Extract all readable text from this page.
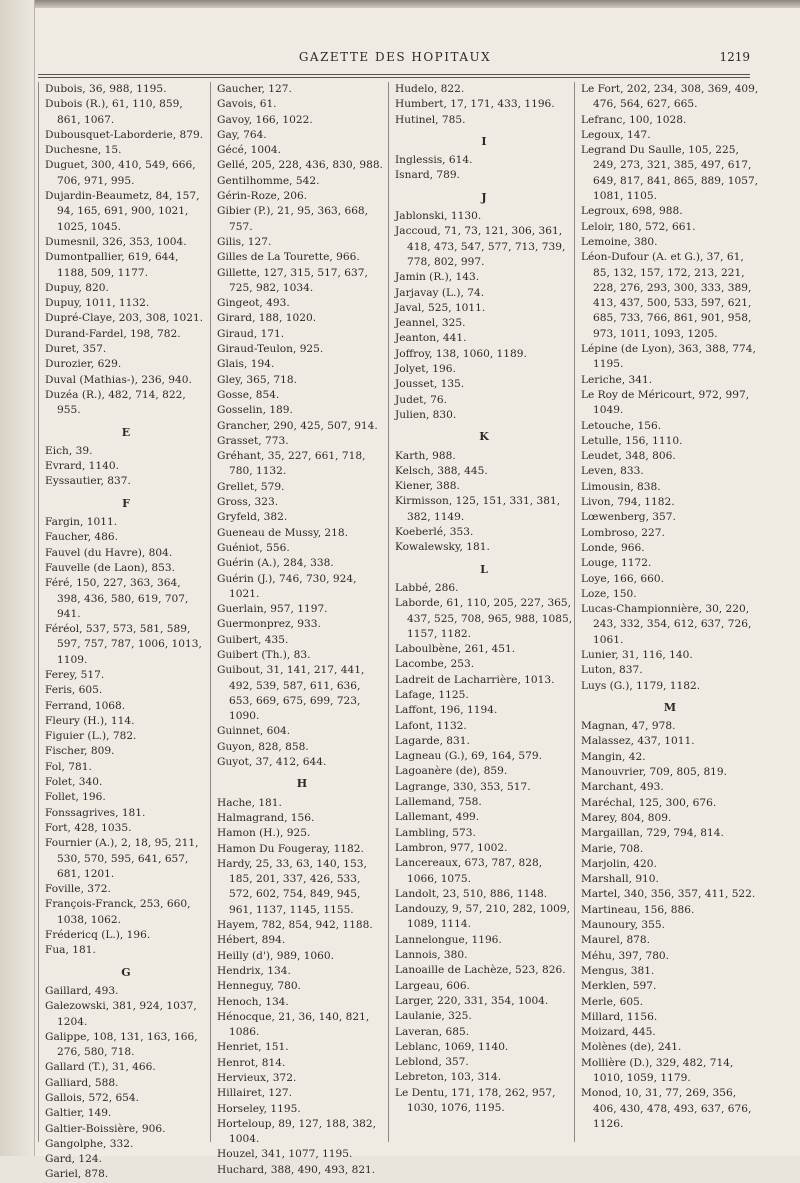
GAZETTE DES HOPITAUX	1219
Dubois, 36, 988, 1195.
Dubois (R.), 61, 110, 859, 861, 1067.
Dubousquet-Laborderie, 879.
Duchesne, 15.
Duguet, 300, 410, 549, 666, 706, 971, 995.
Dujardin-Beaumetz, 84, 157, 94, 165, 691, 900, 1021, 1025, 1045.
Dumesnil, 326, 353, 1004.
Dumontpallier, 619, 644, 1188, 509, 1177.
Dupuy, 820.
Dupuy, 1011, 1132.
Dupré-Claye, 203, 308, 1021.
Durand-Fardel, 198, 782.
Duret, 357.
Durozier, 629.
Duval (Mathias-), 236, 940.
Duzéa (R.), 482, 714, 822, 955.
E
Eich, 39.
Evrard, 1140.
Eyssautier, 837.
F
Fargin, 1011.
Faucher, 486.
Fauvel (du Havre), 804.
Fauvelle (de Laon), 853.
Féré, 150, 227, 363, 364, 398, 436, 580, 619, 707, 941.
Féréol, 537, 573, 581, 589, 597, 757, 787, 1006, 1013, 1109.
Ferey, 517.
Feris, 605.
Ferrand, 1068.
Fleury (H.), 114.
Figuier (L.), 782.
Fischer, 809.
Fol, 781.
Folet, 340.
Follet, 196.
Fonssagrives, 181.
Fort, 428, 1035.
Fournier (A.), 2, 18, 95, 211, 530, 570, 595, 641, 657, 681, 1201.
Foville, 372.
François-Franck, 253, 660, 1038, 1062.
Frédericq (L.), 196.
Fua, 181.
G
Gaillard, 493.
Galezowski, 381, 924, 1037, 1204.
Galippe, 108, 131, 163, 166, 276, 580, 718.
Gallard (T.), 31, 466.
Galliard, 588.
Gallois, 572, 654.
Galtier, 149.
Galtier-Boissière, 906.
Gangolphe, 332.
Gard, 124.
Gariel, 878.
Gaucher, 127.
Gavois, 61.
Gavoy, 166, 1022.
Gay, 764.
Gécé, 1004.
Gellé, 205, 228, 436, 830, 988.
Gentilhomme, 542.
Gérin-Roze, 206.
Gibier (P.), 21, 95, 363, 668, 757.
Gilis, 127.
Gilles de La Tourette, 966.
Gillette, 127, 315, 517, 637, 725, 982, 1034.
Gingeot, 493.
Girard, 188, 1020.
Giraud, 171.
Giraud-Teulon, 925.
Glais, 194.
Gley, 365, 718.
Gosse, 854.
Gosselin, 189.
Grancher, 290, 425, 507, 914.
Grasset, 773.
Gréhant, 35, 227, 661, 718, 780, 1132.
Grellet, 579.
Gross, 323.
Gryfeld, 382.
Gueneau de Mussy, 218.
Guéniot, 556.
Guérin (A.), 284, 338.
Guérin (J.), 746, 730, 924, 1021.
Guerlain, 957, 1197.
Guermonprez, 933.
Guibert, 435.
Guibert (Th.), 83.
Guibout, 31, 141, 217, 441, 492, 539, 587, 611, 636, 653, 669, 675, 699, 723, 1090.
Guinnet, 604.
Guyon, 828, 858.
Guyot, 37, 412, 644.
H
Hache, 181.
Halmagrand, 156.
Hamon (H.), 925.
Hamon Du Fougeray, 1182.
Hardy, 25, 33, 63, 140, 153, 185, 201, 337, 426, 533, 572, 602, 754, 849, 945, 961, 1137, 1145, 1155.
Hayem, 782, 854, 942, 1188.
Hébert, 894.
Heilly (d'), 989, 1060.
Hendrix, 134.
Henneguy, 780.
Henoch, 134.
Hénocque, 21, 36, 140, 821, 1086.
Henriet, 151.
Henrot, 814.
Hervieux, 372.
Hillairet, 127.
Horseley, 1195.
Horteloup, 89, 127, 188, 382, 1004.
Houzel, 341, 1077, 1195.
Huchard, 388, 490, 493, 821.
Hudelo, 822.
Humbert, 17, 171, 433, 1196.
Hutinel, 785.
I
Inglessis, 614.
Isnard, 789.
J
Jablonski, 1130.
Jaccoud, 71, 73, 121, 306, 361, 418, 473, 547, 577, 713, 739, 778, 802, 997.
Jamin (R.), 143.
Jarjavay (L.), 74.
Javal, 525, 1011.
Jeannel, 325.
Jeanton, 441.
Joffroy, 138, 1060, 1189.
Jolyet, 196.
Jousset, 135.
Judet, 76.
Julien, 830.
K
Karth, 988.
Kelsch, 388, 445.
Kiener, 388.
Kirmisson, 125, 151, 331, 381, 382, 1149.
Koeberlé, 353.
Kowalewsky, 181.
L
Labbé, 286.
Laborde, 61, 110, 205, 227, 365, 437, 525, 708, 965, 988, 1085, 1157, 1182.
Laboulbène, 261, 451.
Lacombe, 253.
Ladreit de Lacharrière, 1013.
Lafage, 1125.
Laffont, 196, 1194.
Lafont, 1132.
Lagarde, 831.
Lagneau (G.), 69, 164, 579.
Lagoanère (de), 859.
Lagrange, 330, 353, 517.
Lallemand, 758.
Lallemant, 499.
Lambling, 573.
Lambron, 977, 1002.
Lancereaux, 673, 787, 828, 1066, 1075.
Landolt, 23, 510, 886, 1148.
Landouzy, 9, 57, 210, 282, 1009, 1089, 1114.
Lannelongue, 1196.
Lannois, 380.
Lanoaille de Lachèze, 523, 826.
Largeau, 606.
Larger, 220, 331, 354, 1004.
Laulanie, 325.
Laveran, 685.
Leblanc, 1069, 1140.
Leblond, 357.
Lebreton, 103, 314.
Le Dentu, 171, 178, 262, 957, 1030, 1076, 1195.
Le Fort, 202, 234, 308, 369, 409, 476, 564, 627, 665.
Lefranc, 100, 1028.
Legoux, 147.
Legrand Du Saulle, 105, 225, 249, 273, 321, 385, 497, 617, 649, 817, 841, 865, 889, 1057, 1081, 1105.
Legroux, 698, 988.
Leloir, 180, 572, 661.
Lemoine, 380.
Léon-Dufour (A. et G.), 37, 61, 85, 132, 157, 172, 213, 221, 228, 276, 293, 300, 333, 389, 413, 437, 500, 533, 597, 621, 685, 733, 766, 861, 901, 958, 973, 1011, 1093, 1205.
Lépine (de Lyon), 363, 388, 774, 1195.
Leriche, 341.
Le Roy de Méricourt, 972, 997, 1049.
Letouche, 156.
Letulle, 156, 1110.
Leudet, 348, 806.
Leven, 833.
Limousin, 838.
Livon, 794, 1182.
Lœwenberg, 357.
Lombroso, 227.
Londe, 966.
Louge, 1172.
Loye, 166, 660.
Loze, 150.
Lucas-Championnière, 30, 220, 243, 332, 354, 612, 637, 726, 1061.
Lunier, 31, 116, 140.
Luton, 837.
Luys (G.), 1179, 1182.
M
Magnan, 47, 978.
Malassez, 437, 1011.
Mangin, 42.
Manouvrier, 709, 805, 819.
Marchant, 493.
Maréchal, 125, 300, 676.
Marey, 804, 809.
Margaillan, 729, 794, 814.
Marie, 708.
Marjolin, 420.
Marshall, 910.
Martel, 340, 356, 357, 411, 522.
Martineau, 156, 886.
Maunoury, 355.
Maurel, 878.
Méhu, 397, 780.
Mengus, 381.
Merklen, 597.
Merle, 605.
Millard, 1156.
Moizard, 445.
Molènes (de), 241.
Mollière (D.), 329, 482, 714, 1010, 1059, 1179.
Monod, 10, 31, 77, 269, 356, 406, 430, 478, 493, 637, 676, 1126.
